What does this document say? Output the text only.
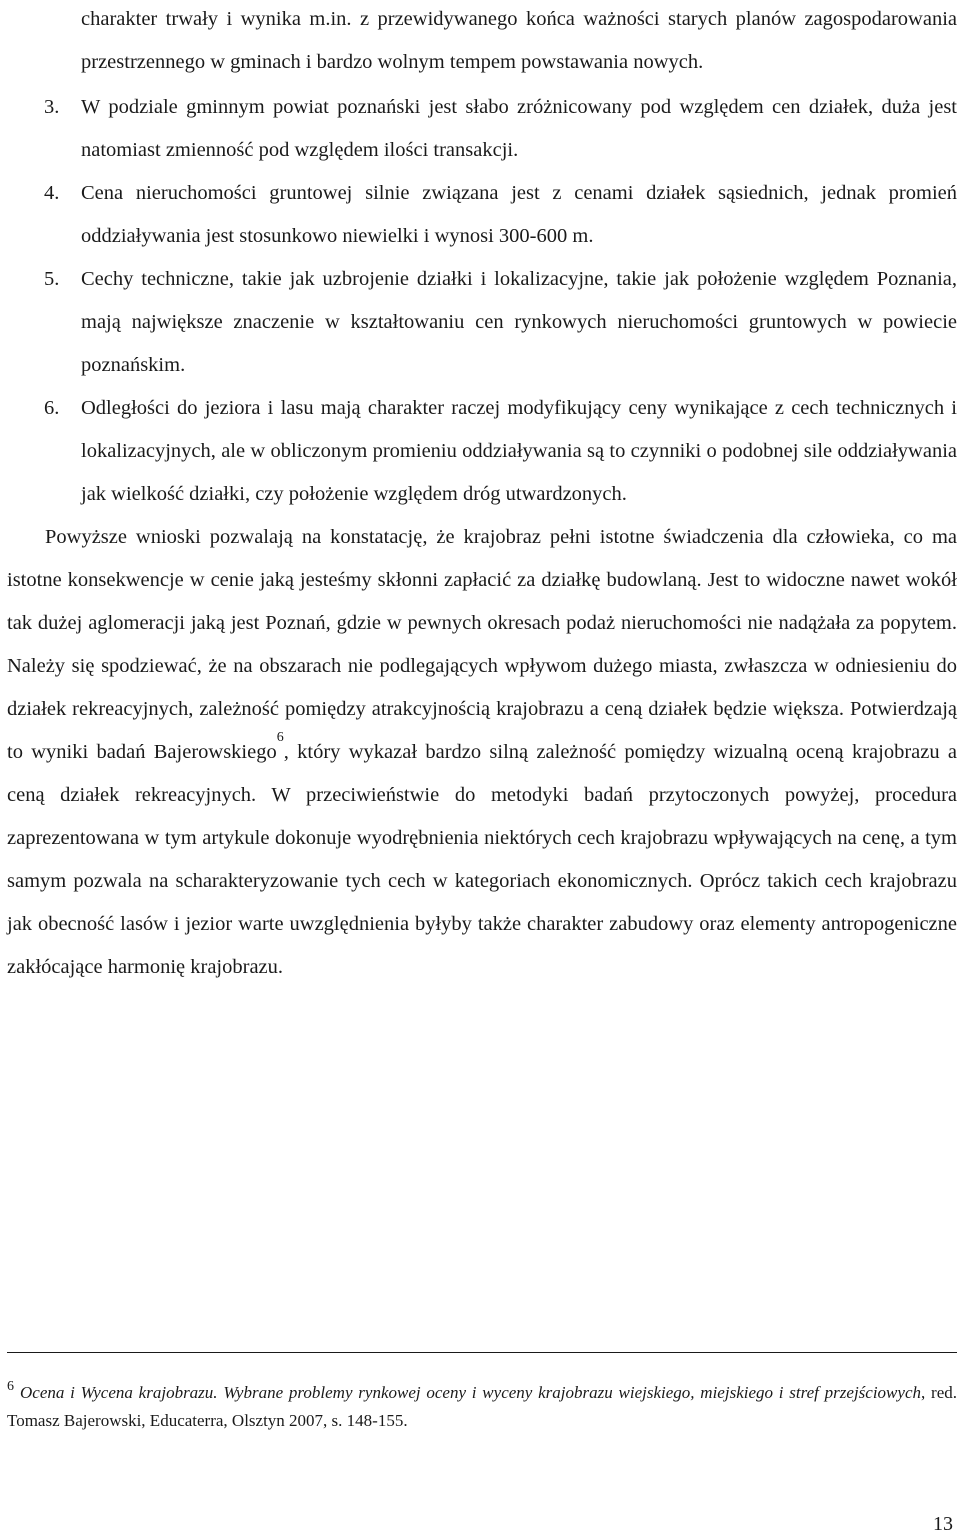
charakter trwały i wynika m.in. z przewidywanego końca ważności starych planów zagospodarowania przestrzennego w gminach i bardzo wolnym tempem powstawania nowych.

3. W podziale gminnym powiat poznański jest słabo zróżnicowany pod względem cen działek, duża jest natomiast zmienność pod względem ilości transakcji.
4. Cena nieruchomości gruntowej silnie związana jest z cenami działek sąsiednich, jednak promień oddziaływania jest stosunkowo niewielki i wynosi 300-600 m.
5. Cechy techniczne, takie jak uzbrojenie działki i lokalizacyjne, takie jak położenie względem Poznania, mają największe znaczenie w kształtowaniu cen rynkowych nieruchomości gruntowych w powiecie poznańskim.
6. Odległości do jeziora i lasu mają charakter raczej modyfikujący ceny wynikające z cech technicznych i lokalizacyjnych, ale w obliczonym promieniu oddziaływania są to czynniki o podobnej sile oddziaływania jak wielkość działki, czy położenie względem dróg utwardzonych.

Powyższe wnioski pozwalają na konstatację, że krajobraz pełni istotne świadczenia dla człowieka, co ma istotne konsekwencje w cenie jaką jesteśmy skłonni zapłacić za działkę budowlaną. Jest to widoczne nawet wokół tak dużej aglomeracji jaką jest Poznań, gdzie w pewnych okresach podaż nieruchomości nie nadążała za popytem. Należy się spodziewać, że na obszarach nie podlegających wpływom dużego miasta, zwłaszcza w odniesieniu do działek rekreacyjnych, zależność pomiędzy atrakcyjnością krajobrazu a ceną działek będzie większa. Potwierdzają to wyniki badań Bajerowskiego$^6$, który wykazał bardzo silną zależność pomiędzy wizualną oceną krajobrazu a ceną działek rekreacyjnych. W przeciwieństwie do metodyki badań przytoczonych powyżej, procedura zaprezentowana w tym artykule dokonuje wyodrębnienia niektórych cech krajobrazu wpływających na cenę, a tym samym pozwala na scharakteryzowanie tych cech w kategoriach ekonomicznych. Oprócz takich cech krajobrazu jak obecność lasów i jezior warte uwzględnienia byłyby także charakter zabudowy oraz elementy antropogeniczne zakłócające harmonię krajobrazu.

$^6$ Ocena i Wycena krajobrazu. Wybrane problemy rynkowej oceny i wyceny krajobrazu wiejskiego, miejskiego i stref przejściowych, red. Tomasz Bajerowski, Educaterra, Olsztyn 2007, s. 148-155.
13
